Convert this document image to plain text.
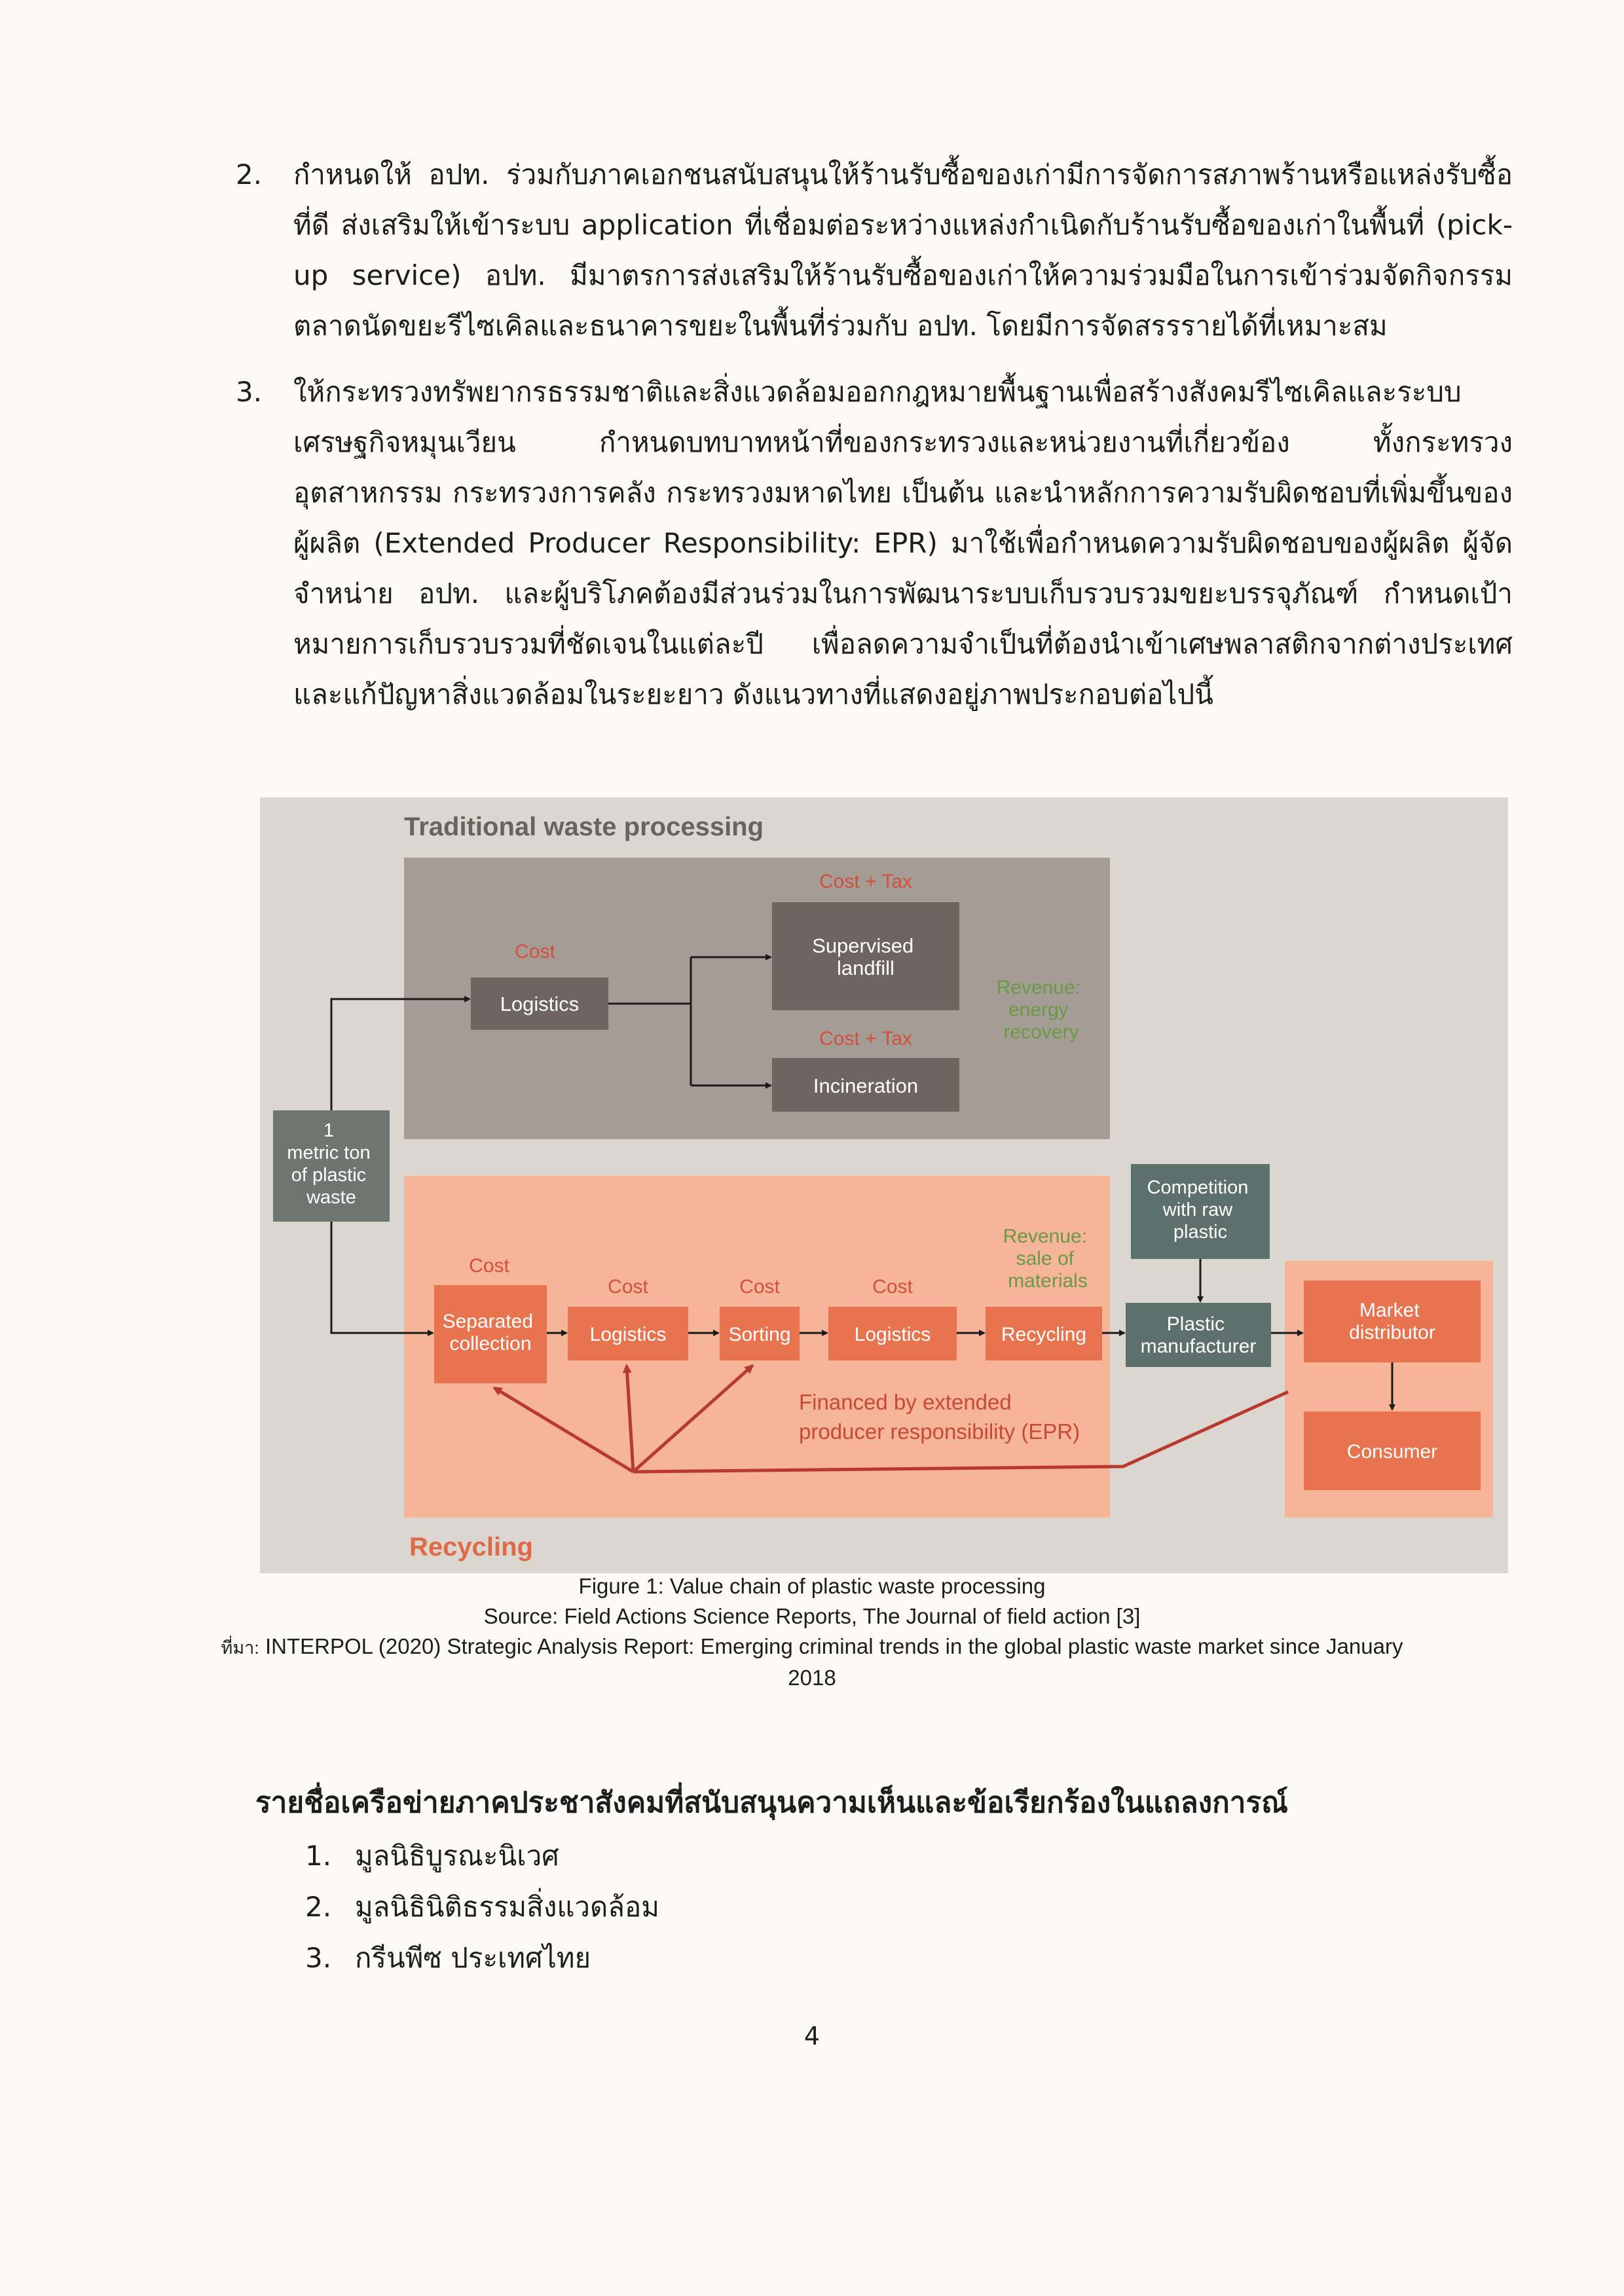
2.	กำหนดให้ อปท. ร่วมกับภาคเอกชนสนับสนุนให้ร้านรับซื้อของเก่ามีการจัดการสภาพร้านหรือแหล่งรับซื้อที่ดี ส่งเสริมให้เข้าระบบ application ที่เชื่อมต่อระหว่างแหล่งกำเนิดกับร้านรับซื้อของเก่าในพื้นที่ (pick-up service) อปท. มีมาตรการส่งเสริมให้ร้านรับซื้อของเก่าให้ความร่วมมือในการเข้าร่วมจัดกิจกรรมตลาดนัดขยะรีไซเคิลและธนาคารขยะในพื้นที่ร่วมกับ อปท. โดยมีการจัดสรรรายได้ที่เหมาะสม
3.	ให้กระทรวงทรัพยากรธรรมชาติและสิ่งแวดล้อมออกกฎหมายพื้นฐานเพื่อสร้างสังคมรีไซเคิลและระบบเศรษฐกิจหมุนเวียน กำหนดบทบาทหน้าที่ของกระทรวงและหน่วยงานที่เกี่ยวข้อง ทั้งกระทรวงอุตสาหกรรม กระทรวงการคลัง กระทรวงมหาดไทย เป็นต้น และนำหลักการความรับผิดชอบที่เพิ่มขึ้นของผู้ผลิต (Extended Producer Responsibility: EPR) มาใช้เพื่อกำหนดความรับผิดชอบของผู้ผลิต ผู้จัดจำหน่าย อปท. และผู้บริโภคต้องมีส่วนร่วมในการพัฒนาระบบเก็บรวบรวมขยะบรรจุภัณฑ์ กำหนดเป้าหมายการเก็บรวบรวมที่ชัดเจนในแต่ละปี เพื่อลดความจำเป็นที่ต้องนำเข้าเศษพลาสติกจากต่างประเทศและแก้ปัญหาสิ่งแวดล้อมในระยะยาว ดังแนวทางที่แสดงอยู่ภาพประกอบต่อไปนี้
Traditional waste processing
Recycling
1 metric ton of plastic waste
Cost
Logistics
Cost + Tax
Supervised landfill
Cost + Tax
Incineration
Revenue: energy recovery
Cost
Separated collection
Cost
Logistics
Cost
Sorting
Cost
Logistics
Revenue: sale of materials
Recycling
Competition with raw plastic
Plastic manufacturer
Market distributor
Consumer
Financed by extended producer responsibility (EPR)
Figure 1: Value chain of plastic waste processing
Source: Field Actions Science Reports, The Journal of field action [3]
ที่มา: INTERPOL (2020) Strategic Analysis Report: Emerging criminal trends in the global plastic waste market since January 2018
รายชื่อเครือข่ายภาคประชาสังคมที่สนับสนุนความเห็นและข้อเรียกร้องในแถลงการณ์
1. มูลนิธิบูรณะนิเวศ
2. มูลนิธินิติธรรมสิ่งแวดล้อม
3. กรีนพีซ ประเทศไทย
4
